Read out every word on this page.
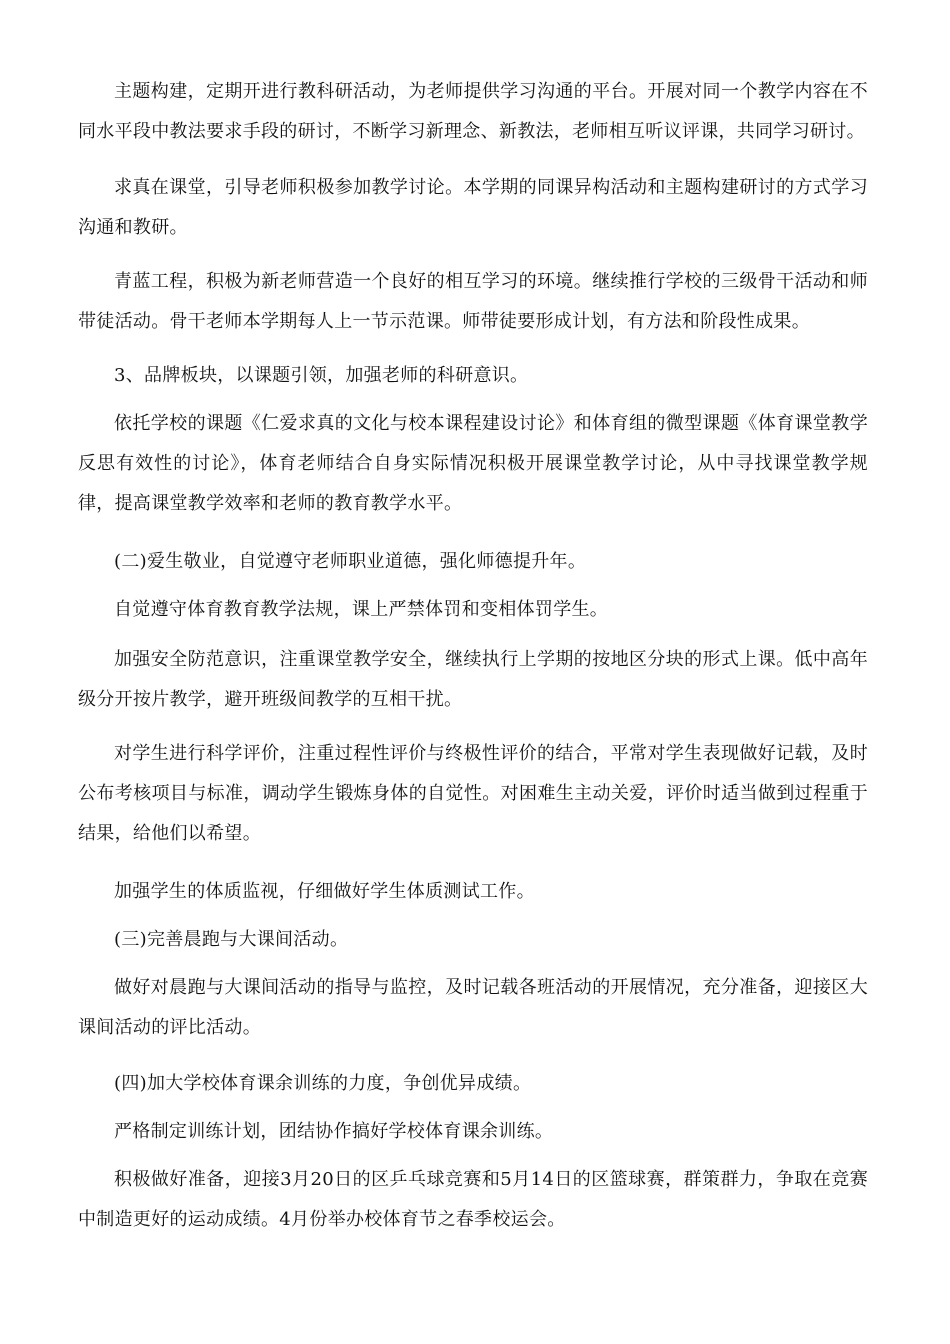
主题构建，定期开进行教科研活动，为老师提供学习沟通的平台。开展对同一个教学内容在不同水平段中教法要求手段的研讨，不断学习新理念、新教法，老师相互听议评课，共同学习研讨。

求真在课堂，引导老师积极参加教学讨论。本学期的同课异构活动和主题构建研讨的方式学习沟通和教研。

青蓝工程，积极为新老师营造一个良好的相互学习的环境。继续推行学校的三级骨干活动和师带徒活动。骨干老师本学期每人上一节示范课。师带徒要形成计划，有方法和阶段性成果。

3、品牌板块，以课题引领，加强老师的科研意识。

依托学校的课题《仁爱求真的文化与校本课程建设讨论》和体育组的微型课题《体育课堂教学反思有效性的讨论》，体育老师结合自身实际情况积极开展课堂教学讨论，从中寻找课堂教学规律，提高课堂教学效率和老师的教育教学水平。

(二)爱生敬业，自觉遵守老师职业道德，强化师德提升年。

自觉遵守体育教育教学法规，课上严禁体罚和变相体罚学生。

加强安全防范意识，注重课堂教学安全，继续执行上学期的按地区分块的形式上课。低中高年级分开按片教学，避开班级间教学的互相干扰。

对学生进行科学评价，注重过程性评价与终极性评价的结合，平常对学生表现做好记载，及时公布考核项目与标准，调动学生锻炼身体的自觉性。对困难生主动关爱，评价时适当做到过程重于结果，给他们以希望。

加强学生的体质监视，仔细做好学生体质测试工作。

(三)完善晨跑与大课间活动。

做好对晨跑与大课间活动的指导与监控，及时记载各班活动的开展情况，充分准备，迎接区大课间活动的评比活动。

(四)加大学校体育课余训练的力度，争创优异成绩。

严格制定训练计划，团结协作搞好学校体育课余训练。

积极做好准备，迎接3月20日的区乒乓球竞赛和5月14日的区篮球赛，群策群力，争取在竞赛中制造更好的运动成绩。4月份举办校体育节之春季校运会。
